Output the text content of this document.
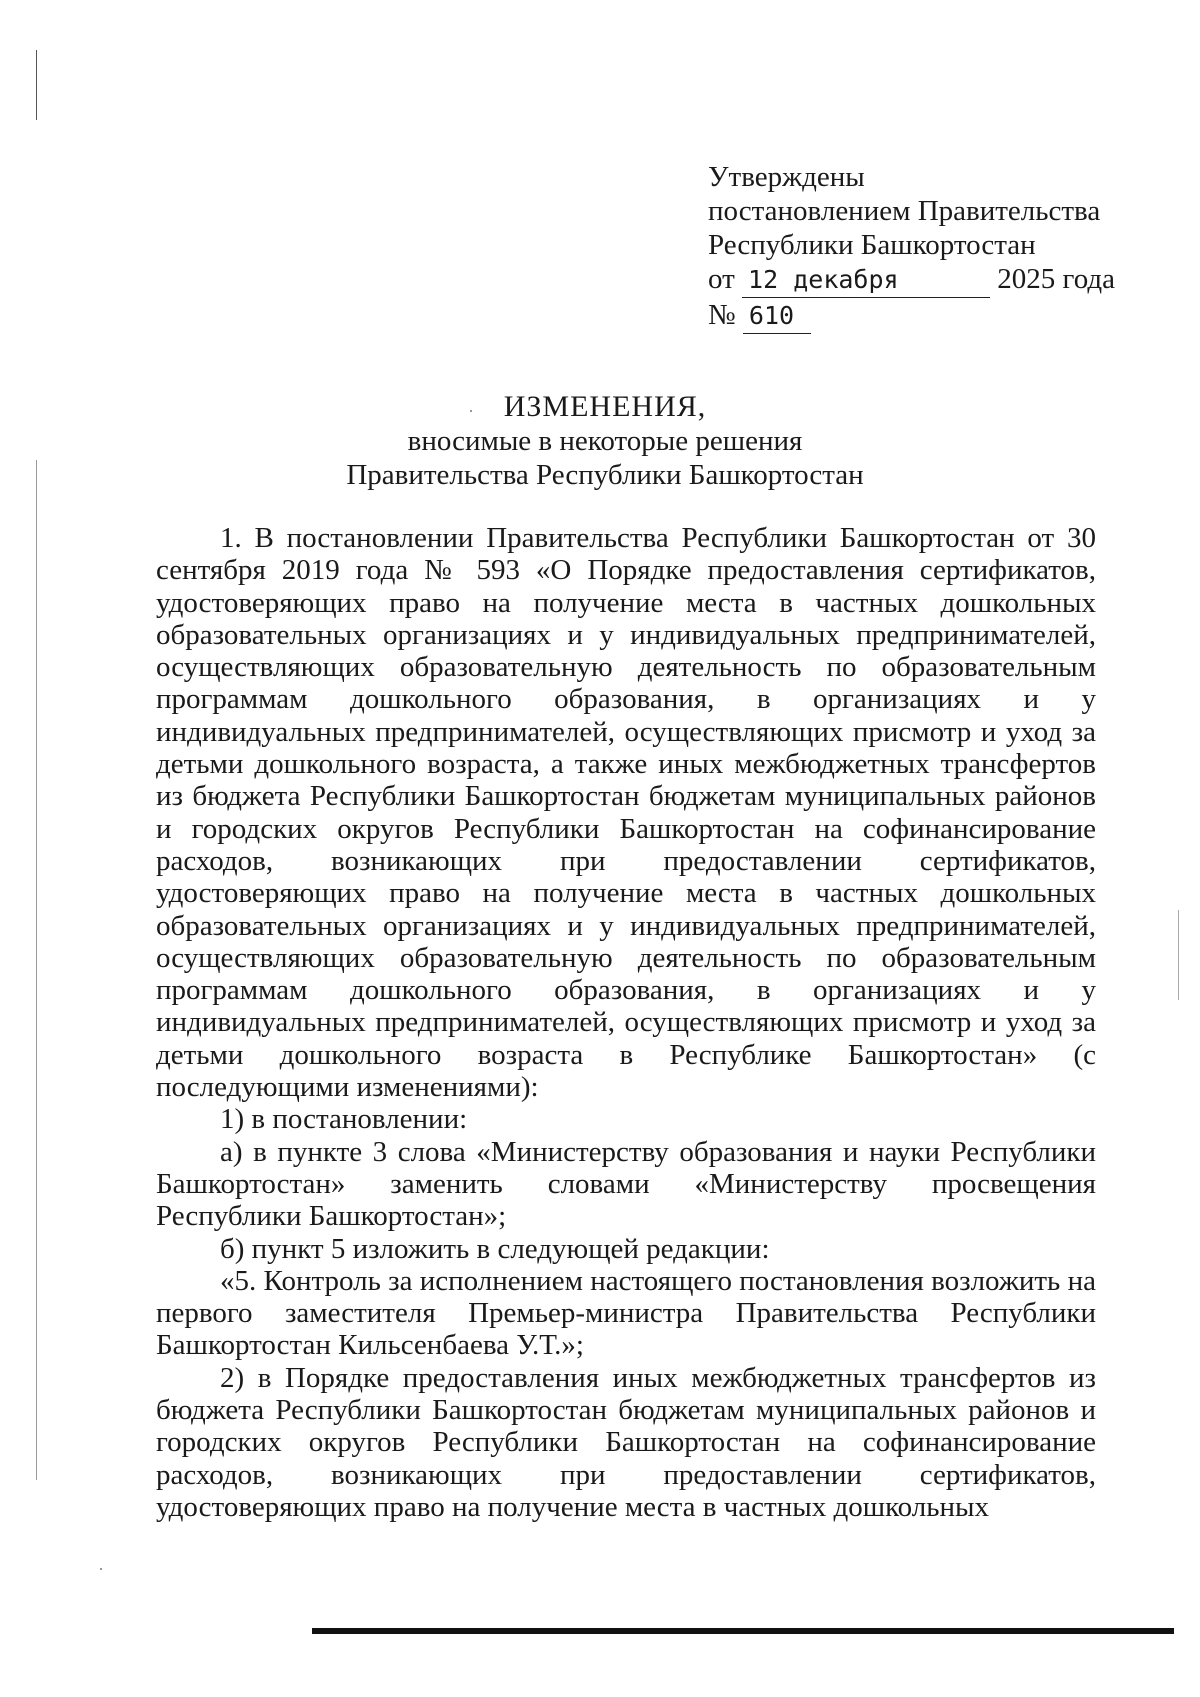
Утверждены
постановлением Правительства
Республики Башкортостан
от 12 декабря	2025 года
№ 610
ИЗМЕНЕНИЯ,
вносимые в некоторые решения
Правительства Республики Башкортостан

1. В постановлении Правительства Республики Башкортостан от 30 сентября 2019 года № 593 «О Порядке предоставления сертификатов, удостоверяющих право на получение места в частных дошкольных образовательных организациях и у индивидуальных предпринимателей, осуществляющих образовательную деятельность по образовательным программам дошкольного образования, в организациях и у индивидуальных предпринимателей, осуществляющих присмотр и уход за детьми дошкольного возраста, а также иных межбюджетных трансфертов из бюджета Республики Башкортостан бюджетам муниципальных районов и городских округов Республики Башкортостан на софинансирование расходов, возникающих при предоставлении сертификатов, удостоверяющих право на получение места в частных дошкольных образовательных организациях и у индивидуальных предпринимателей, осуществляющих образовательную деятельность по образовательным программам дошкольного образования, в организациях и у индивидуальных предпринимателей, осуществляющих присмотр и уход за детьми дошкольного возраста в Республике Башкортостан» (с последующими изменениями):

1) в постановлении:

а) в пункте 3 слова «Министерству образования и науки Республики Башкортостан» заменить словами «Министерству просвещения Республики Башкортостан»;

б) пункт 5 изложить в следующей редакции:

«5. Контроль за исполнением настоящего постановления возложить на первого заместителя Премьер-министра Правительства Республики Башкортостан Кильсенбаева У.Т.»;

2) в Порядке предоставления иных межбюджетных трансфертов из бюджета Республики Башкортостан бюджетам муниципальных районов и городских округов Республики Башкортостан на софинансирование расходов, возникающих при предоставлении сертификатов, удостоверяющих право на получение места в частных дошкольных
